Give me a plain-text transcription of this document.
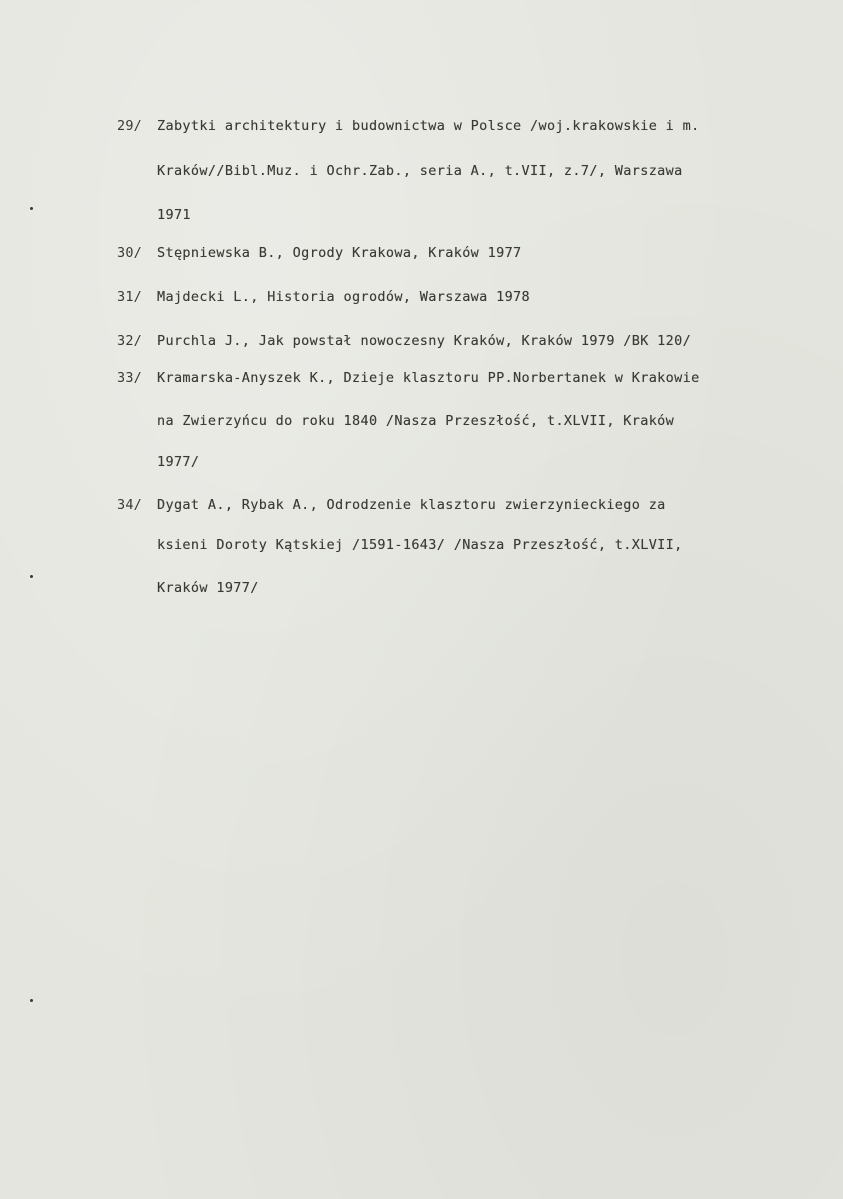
29/ Zabytki architektury i budownictwa w Polsce /woj.krakowskie i m.
Kraków//Bibl.Muz. i Ochr.Zab., seria A., t.VII, z.7/, Warszawa
1971
30/ Stępniewska B., Ogrody Krakowa, Kraków 1977
31/ Majdecki L., Historia ogrodów, Warszawa 1978
32/ Purchla J., Jak powstał nowoczesny Kraków, Kraków 1979 /BK 120/
33/ Kramarska-Anyszek K., Dzieje klasztoru PP.Norbertanek w Krakowie
na Zwierzyńcu do roku 1840 /Nasza Przeszłość, t.XLVII, Kraków
1977/
34/ Dygat A., Rybak A., Odrodzenie klasztoru zwierzynieckiego za
ksieni Doroty Kątskiej /1591-1643/ /Nasza Przeszłość, t.XLVII,
Kraków 1977/
